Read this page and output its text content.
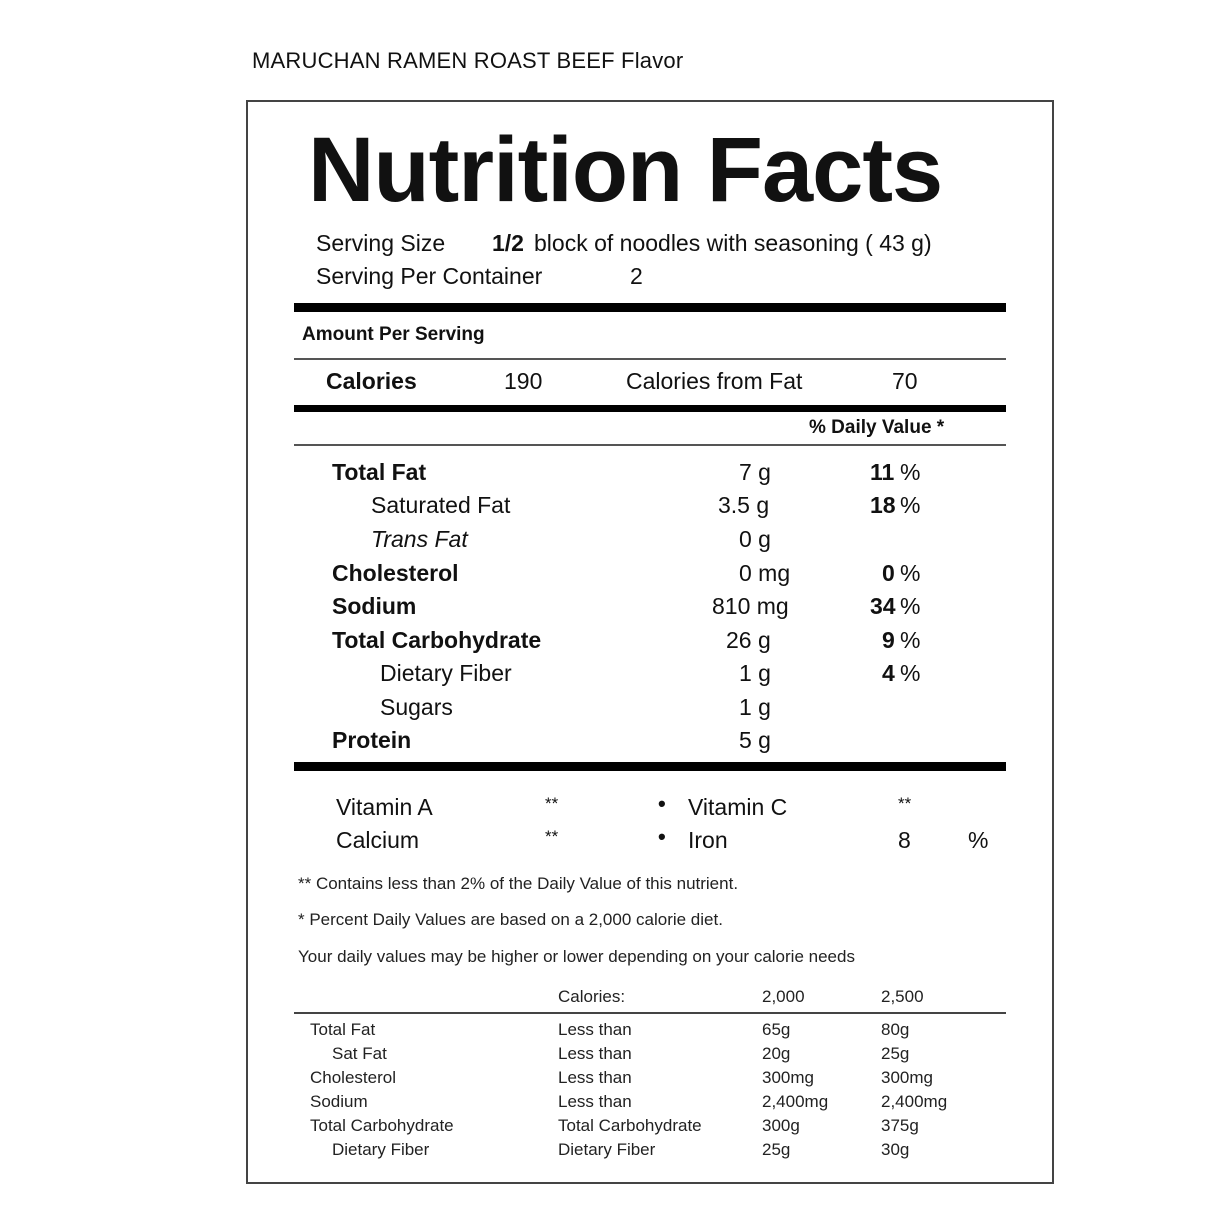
MARUCHAN RAMEN ROAST BEEF Flavor
Nutrition Facts
Serving Size 1/2 block of noodles with seasoning ( 43 g)
Serving Per Container	2
Amount Per Serving
Calories	190	Calories from Fat	70
% Daily Value *
Total Fat	7 g	11 %
Saturated Fat	3.5 g	18 %
Trans Fat	0 g
Cholesterol	0 mg	0 %
Sodium	810 mg	34 %
Total Carbohydrate	26 g	9 %
Dietary Fiber	1 g	4 %
Sugars	1 g
Protein	5 g
Vitamin A	**	• Vitamin C	**
Calcium	**	• Iron	8 %
** Contains less than 2% of the Daily Value of this nutrient.
* Percent Daily Values are based on a 2,000 calorie diet.
Your daily values may be higher or lower depending on your calorie needs
Calories:	2,000	2,500
Total Fat	Less than	65g	80g
Sat Fat	Less than	20g	25g
Cholesterol	Less than	300mg	300mg
Sodium	Less than	2,400mg	2,400mg
Total Carbohydrate	Total Carbohydrate	300g	375g
Dietary Fiber	Dietary Fiber	25g	30g
